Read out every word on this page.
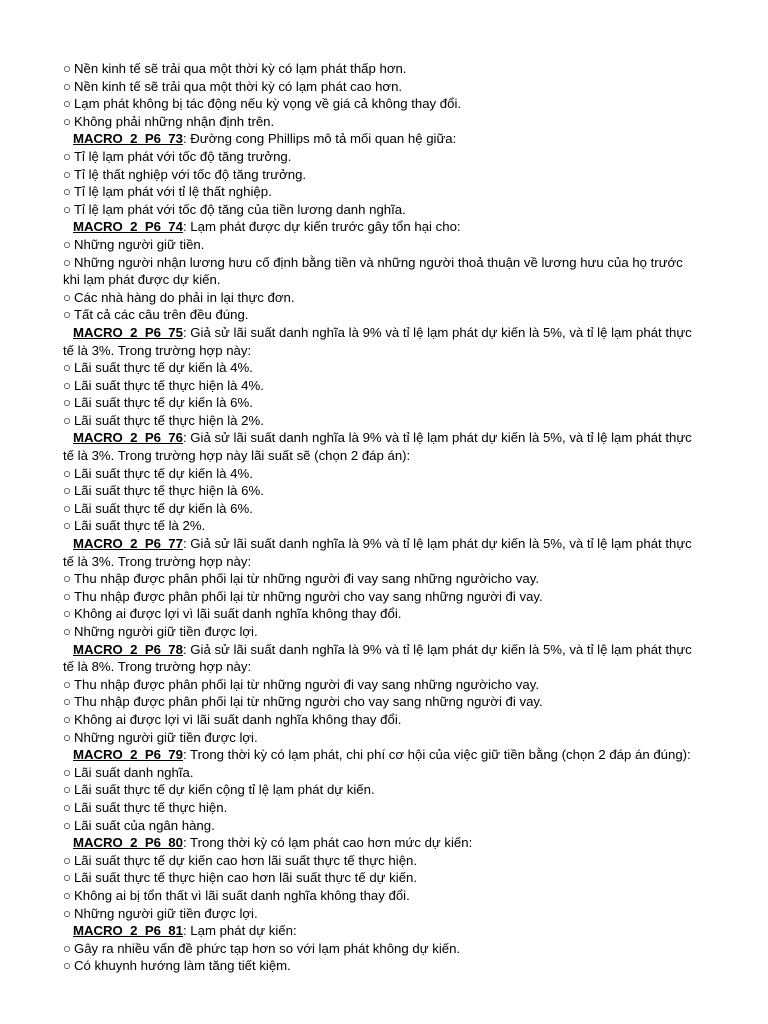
○ Nền kinh tế sẽ trải qua một thời kỳ có lạm phát thấp hơn.

○ Nền kinh tế sẽ trải qua một thời kỳ có lạm phát cao hơn.

○ Lạm phát không bị tác động nếu kỳ vọng về giá cả không thay đổi.

○ Không phải những nhận định trên.

MACRO_2_P6_73: Đường cong Phillips mô tả mối quan hệ giữa:

○ Tỉ lệ lạm phát với tốc độ tăng trưởng.

○ Tỉ lệ thất nghiệp với tốc độ tăng trưởng.

○ Tỉ lệ lạm phát với tỉ lệ thất nghiệp.

○ Tỉ lệ lạm phát với tốc độ tăng của tiền lương danh nghĩa.

MACRO_2_P6_74: Lạm phát được dự kiến trước gây tổn hại cho:

○ Những người giữ tiền.

○ Những người nhận lương hưu cố định bằng tiền và những người thoả thuận về lương hưu của họ trước khi lạm phát được dự kiến.

○ Các nhà hàng do phải in lại thực đơn.

○ Tất cả các câu trên đều đúng.

MACRO_2_P6_75: Giả sử lãi suất danh nghĩa là 9% và tỉ lệ lạm phát dự kiến là 5%, và tỉ lệ lạm phát thực tế là 3%. Trong trường hợp này:

○ Lãi suất thực tế dự kiến là 4%.

○ Lãi suất thực tế thực hiện là 4%.

○ Lãi suất thực tế dự kiến là 6%.

○ Lãi suất thực tế thực hiện là 2%.

MACRO_2_P6_76: Giả sử lãi suất danh nghĩa là 9% và tỉ lệ lạm phát dự kiến là 5%, và tỉ lệ lạm phát thực tế là 3%. Trong trường hợp này lãi suất sẽ (chọn 2 đáp án):

○ Lãi suất thực tế dự kiến là 4%.

○ Lãi suất thực tế thực hiện là 6%.

○ Lãi suất thực tế dự kiến là 6%.

○ Lãi suất thực tế là 2%.

MACRO_2_P6_77: Giả sử lãi suất danh nghĩa là 9% và tỉ lệ lạm phát dự kiến là 5%, và tỉ lệ lạm phát thực tế là 3%. Trong trường hợp này:

○ Thu nhập được phân phối lại từ những người đi vay sang những ngườicho vay.

○ Thu nhập được phân phối lại từ những người cho vay sang những người đi vay.

○ Không ai được lợi vì lãi suất danh nghĩa không thay đổi.

○ Những người giữ tiền được lợi.

MACRO_2_P6_78: Giả sử lãi suất danh nghĩa là 9% và tỉ lệ lạm phát dự kiến là 5%, và tỉ lệ lạm phát thực tế là 8%. Trong trường hợp này:

○ Thu nhập được phân phối lại từ những người đi vay sang những ngườicho vay.

○ Thu nhập được phân phối lại từ những người cho vay sang những người đi vay.

○ Không ai được lợi vì lãi suất danh nghĩa không thay đổi.

○ Những người giữ tiền được lợi.

MACRO_2_P6_79: Trong thời kỳ có lạm phát, chi phí cơ hội của việc giữ tiền bằng (chọn 2 đáp án đúng):

○ Lãi suất danh nghĩa.

○ Lãi suất thực tế dự kiến cộng tỉ lệ lạm phát dự kiến.

○ Lãi suất thực tế thực hiện.

○ Lãi suất của ngân hàng.

MACRO_2_P6_80: Trong thời kỳ có lạm phát cao hơn mức dự kiến:

○ Lãi suất thực tế dự kiến cao hơn lãi suất thực tế thực hiện.

○ Lãi suất thực tế thực hiện cao hơn lãi suất thực tế dự kiến.

○ Không ai bị tổn thất vì lãi suất danh nghĩa không thay đổi.

○ Những người giữ tiền được lợi.

MACRO_2_P6_81: Lạm phát dự kiến:

○ Gây ra nhiều vấn đề phức tạp hơn so với lạm phát không dự kiến.

○ Có khuynh hướng làm tăng tiết kiệm.
